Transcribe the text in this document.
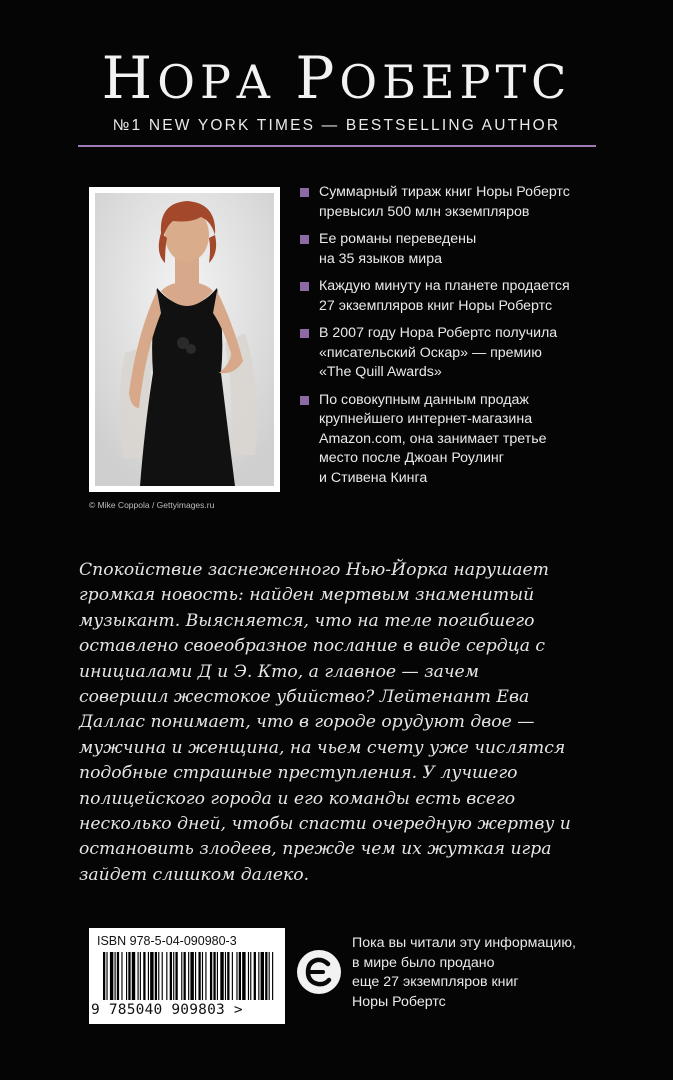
НОРА РОБЕРТС
№1 NEW YORK TIMES — BESTSELLING AUTHOR
© Mike Coppola / Gettyimages.ru
Суммарный тираж книг Норы Робертс
превысил 500 млн экземпляров
Ее романы переведены
на 35 языков мира
Каждую минуту на планете продается
27 экземпляров книг Норы Робертс
В 2007 году Нора Робертс получила
«писательский Оскар» — премию
«The Quill Awards»
По совокупным данным продаж
крупнейшего интернет-магазина
Amazon.com, она занимает третье
место после Джоан Роулинг
и Стивена Кинга
Спокойствие заснеженного Нью-Йорка нарушает
громкая новость: найден мертвым знаменитый
музыкант. Выясняется, что на теле погибшего
оставлено своеобразное послание в виде сердца с
инициалами Д и Э. Кто, а главное — зачем
совершил жестокое убийство? Лейтенант Ева
Даллас понимает, что в городе орудуют двое —
мужчина и женщина, на чьем счету уже числятся
подобные страшные преступления. У лучшего
полицейского города и его команды есть всего
несколько дней, чтобы спасти очередную жертву и
остановить злодеев, прежде чем их жуткая игра
зайдет слишком далеко.
ISBN 978-5-04-090980-3
9 785040 909803 >
Пока вы читали эту информацию,
в мире было продано
еще 27 экземпляров книг
Норы Робертс
